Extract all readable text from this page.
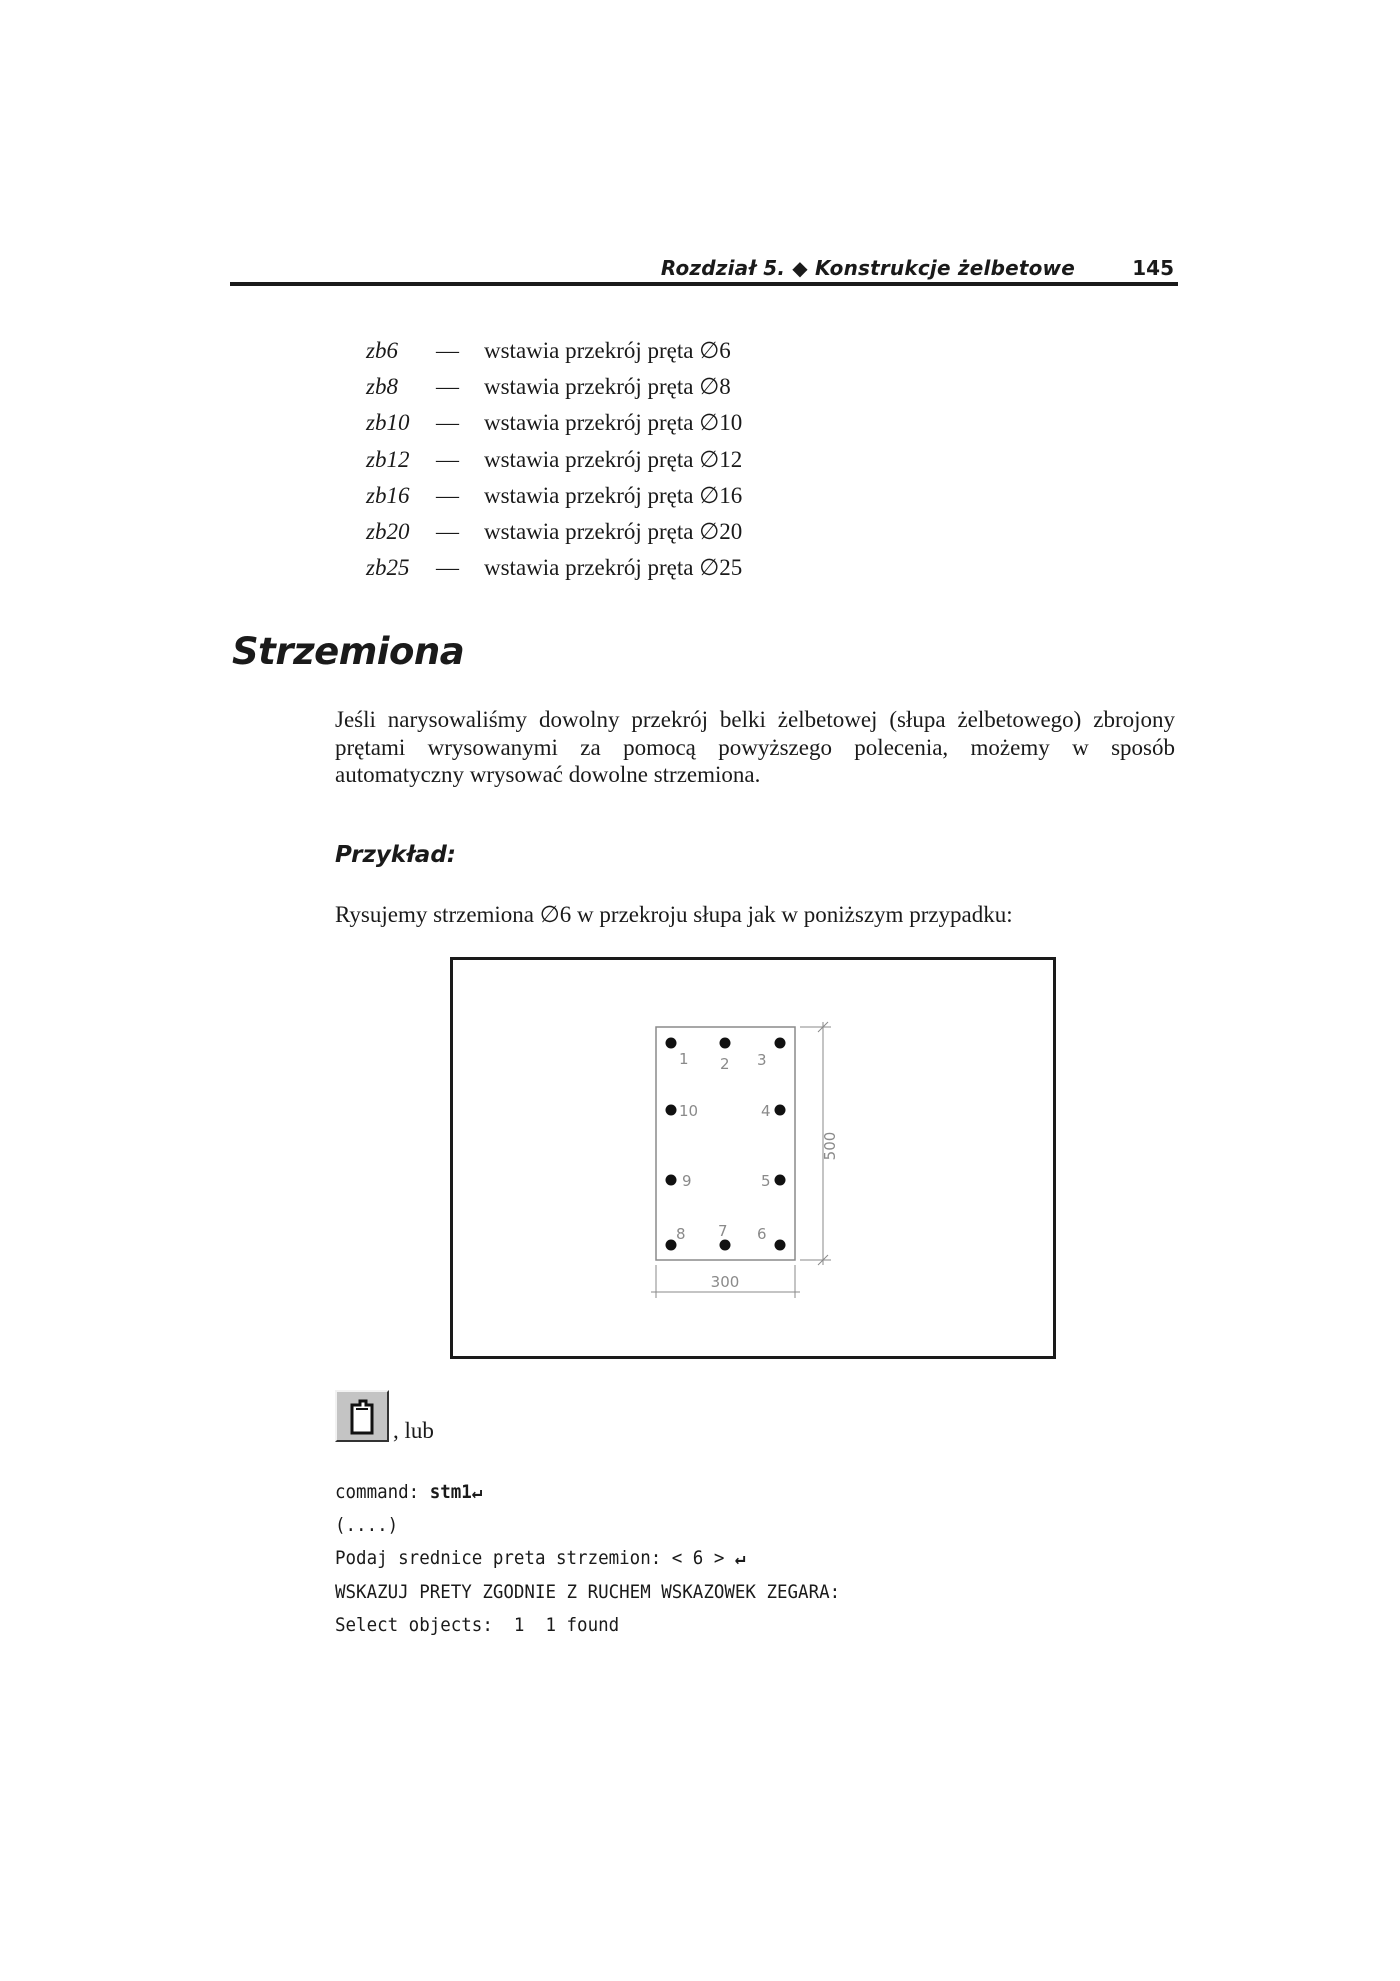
Rozdział 5. ◆ Konstrukcje żelbetowe	145
zb6 — wstawia przekrój pręta ∅6
zb8 — wstawia przekrój pręta ∅8
zb10 — wstawia przekrój pręta ∅10
zb12 — wstawia przekrój pręta ∅12
zb16 — wstawia przekrój pręta ∅16
zb20 — wstawia przekrój pręta ∅20
zb25 — wstawia przekrój pręta ∅25
Strzemiona

Jeśli narysowaliśmy dowolny przekrój belki żelbetowej (słupa żelbetowego) zbrojony prętami wrysowanymi za pomocą powyższego polecenia, możemy w sposób automatyczny wrysować dowolne strzemiona.

Przykład:

Rysujemy strzemiona ∅6 w przekroju słupa jak w poniższym przypadku:

500
300
1 2 3
4
5
6
7
8
9
10
, lub
command: stm1↵
(....)
Podaj srednice preta strzemion: < 6 > ↵
WSKAZUJ PRETY ZGODNIE Z RUCHEM WSKAZOWEK ZEGARA:
Select objects:  1  1 found
